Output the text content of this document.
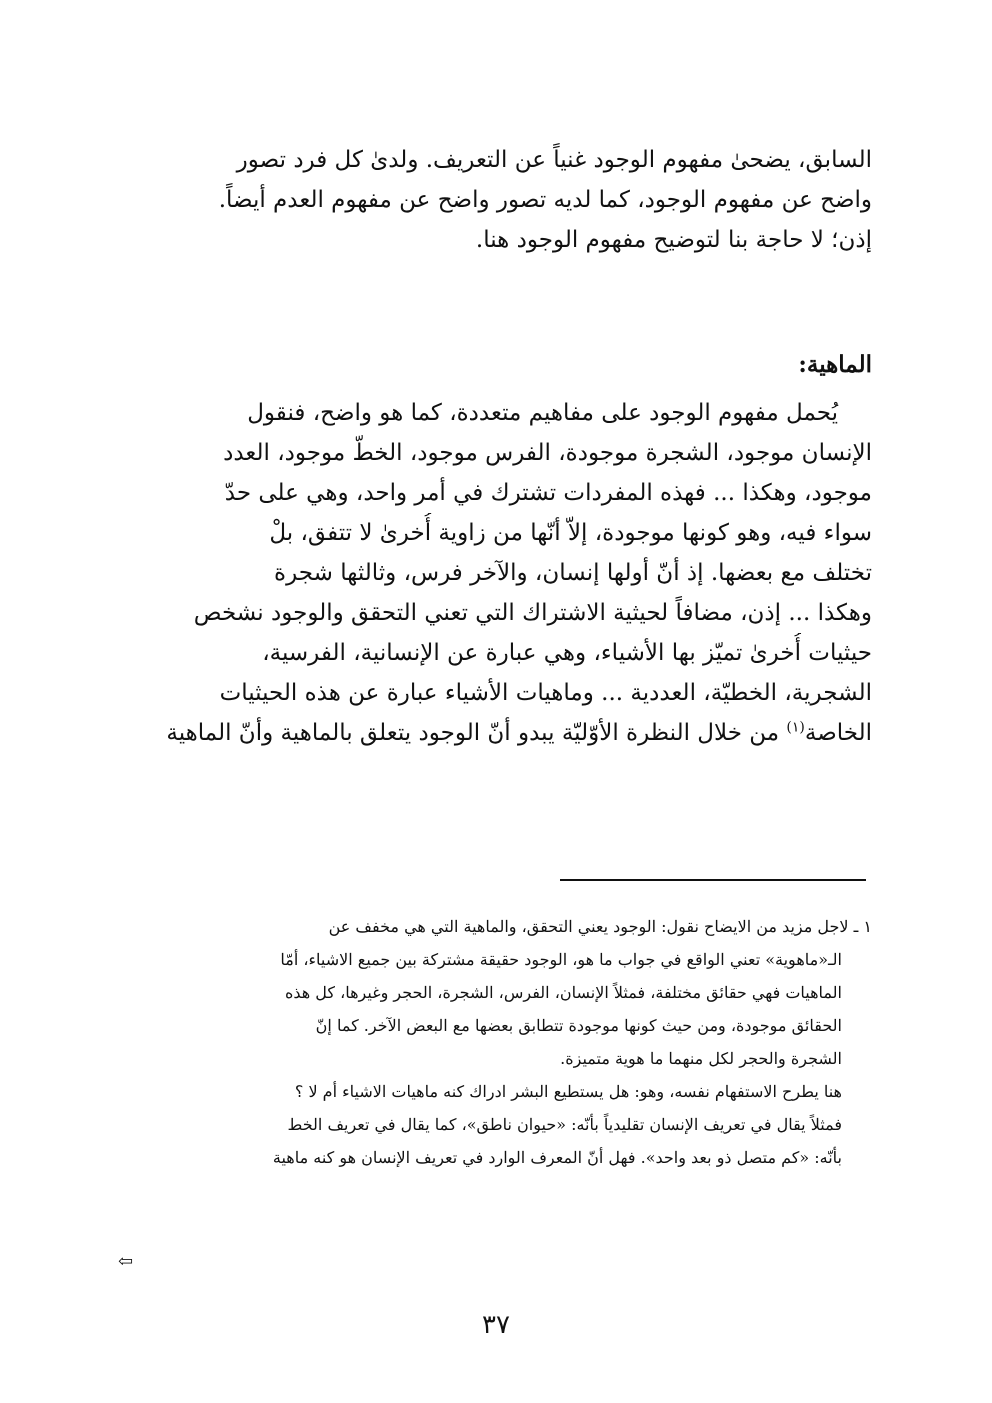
السابق، يضحىٰ مفهوم الوجود غنياً عن التعريف. ولدىٰ كل فرد تصور
واضح عن مفهوم الوجود، كما لديه تصور واضح عن مفهوم العدم أيضاً.
إذن؛ لا حاجة بنا لتوضيح مفهوم الوجود هنا.
الماهية:
يُحمل مفهوم الوجود على مفاهيم متعددة، كما هو واضح، فنقول
الإنسان موجود، الشجرة موجودة، الفرس موجود، الخطّ موجود، العدد
موجود، وهكذا ... فهذه المفردات تشترك في أمر واحد، وهي على حدّ
سواء فيه، وهو كونها موجودة، إلاّ أنّها من زاوية أُخرىٰ لا تتفق، بلْ
تختلف مع بعضها. إذ أنّ أولها إنسان، والآخر فرس، وثالثها شجرة
وهكذا ... إذن، مضافاً لحيثية الاشتراك التي تعني التحقق والوجود نشخص
حيثيات أُخرىٰ تميّز بها الأشياء، وهي عبارة عن الإنسانية، الفرسية،
الشجرية، الخطيّة، العددية ... وماهيات الأشياء عبارة عن هذه الحيثيات
الخاصة$^{(١)}$ من خلال النظرة الأوّليّة يبدو أنّ الوجود يتعلق بالماهية وأنّ الماهية
١ ـ لاجل مزيد من الايضاح نقول: الوجود يعني التحقق، والماهية التي هي مخفف عن
الـ«ماهوية» تعني الواقع في جواب ما هو، الوجود حقيقة مشتركة بين جميع الاشياء، أمّا
الماهيات فهي حقائق مختلفة، فمثلاً الإنسان، الفرس، الشجرة، الحجر وغيرها، كل هذه
الحقائق موجودة، ومن حيث كونها موجودة تتطابق بعضها مع البعض الآخر. كما إنّ
الشجرة والحجر لكل منهما ما هوية متميزة.
هنا يطرح الاستفهام نفسه، وهو: هل يستطيع البشر ادراك كنه ماهيات الاشياء أم لا ؟
فمثلاً يقال في تعريف الإنسان تقليدياً بأنّه: «حيوان ناطق»، كما يقال في تعريف الخط
بأنّه: «كم متصل ذو بعد واحد». فهل أنّ المعرف الوارد في تعريف الإنسان هو كنه ماهية
⇦
٣٧
